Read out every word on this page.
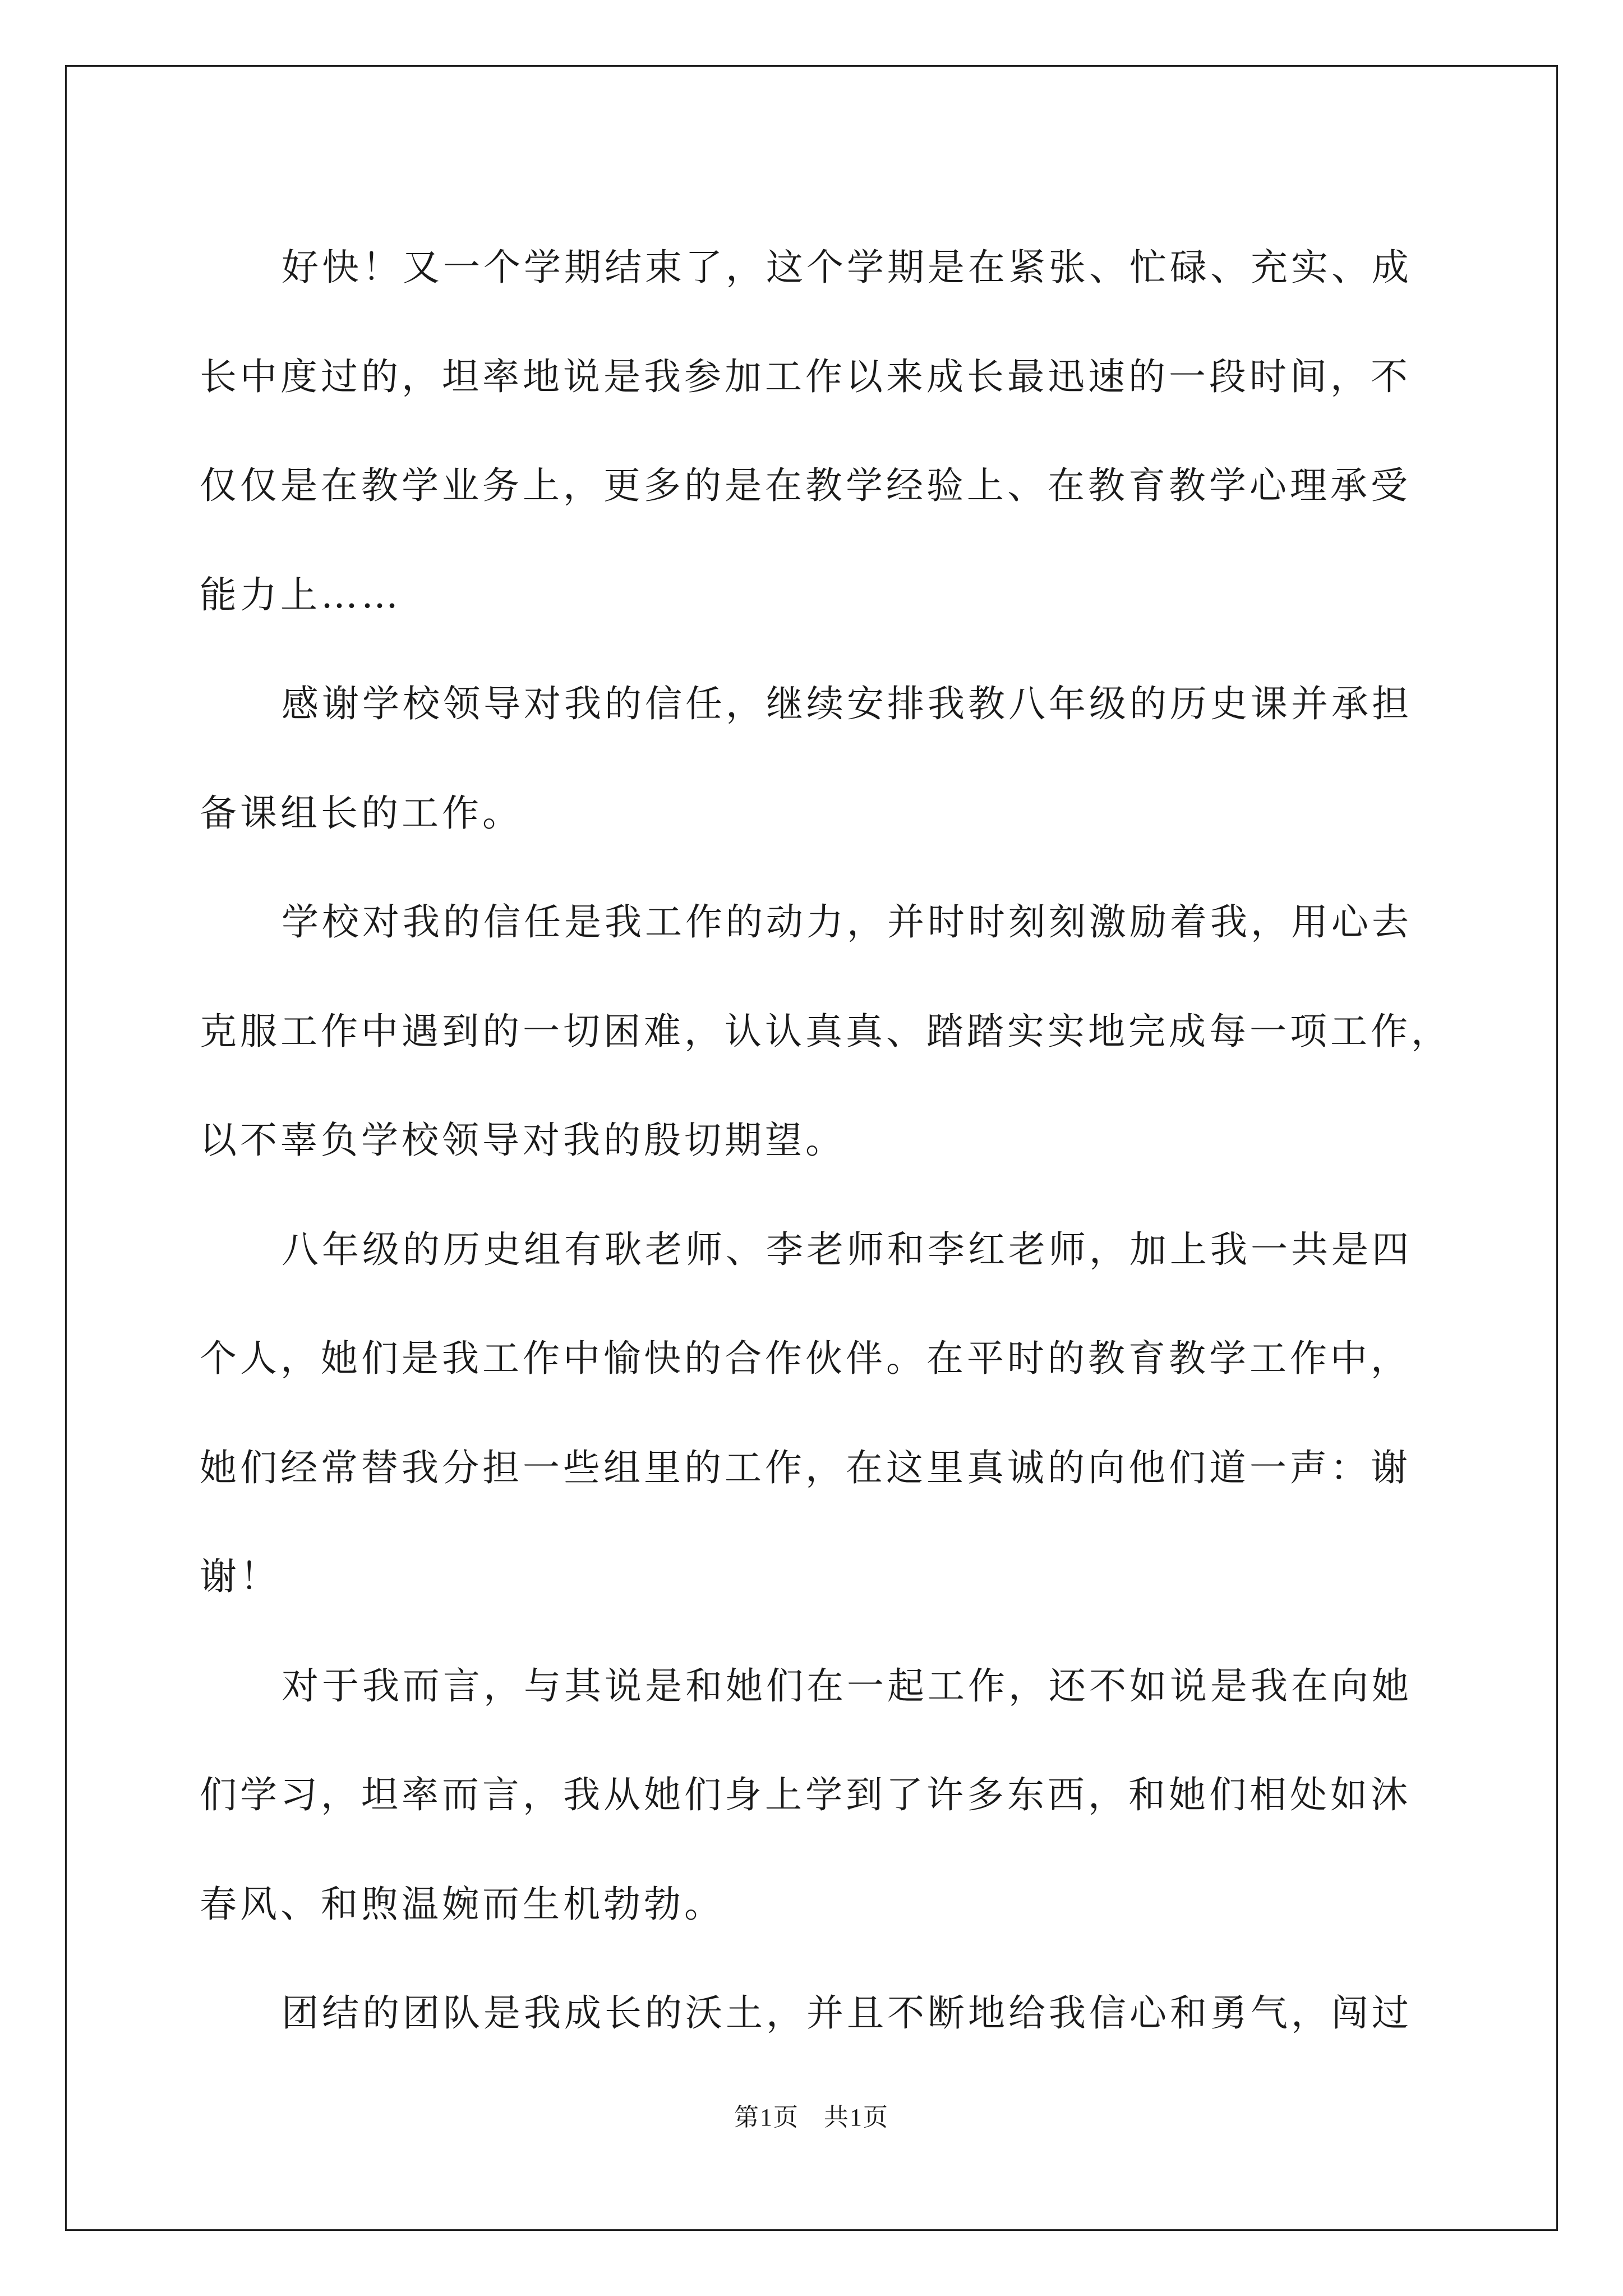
好快！又一个学期结束了，这个学期是在紧张、忙碌、充实、成
长中度过的，坦率地说是我参加工作以来成长最迅速的一段时间，不
仅仅是在教学业务上，更多的是在教学经验上、在教育教学心理承受
能力上……
感谢学校领导对我的信任，继续安排我教八年级的历史课并承担
备课组长的工作。
学校对我的信任是我工作的动力，并时时刻刻激励着我，用心去
克服工作中遇到的一切困难，认认真真、踏踏实实地完成每一项工作，
以不辜负学校领导对我的殷切期望。
八年级的历史组有耿老师、李老师和李红老师，加上我一共是四
个人，她们是我工作中愉快的合作伙伴。在平时的教育教学工作中，
她们经常替我分担一些组里的工作，在这里真诚的向他们道一声：谢
谢！
对于我而言，与其说是和她们在一起工作，还不如说是我在向她
们学习，坦率而言，我从她们身上学到了许多东西，和她们相处如沐
春风、和煦温婉而生机勃勃。
团结的团队是我成长的沃土，并且不断地给我信心和勇气，闯过
第1页 共1页
